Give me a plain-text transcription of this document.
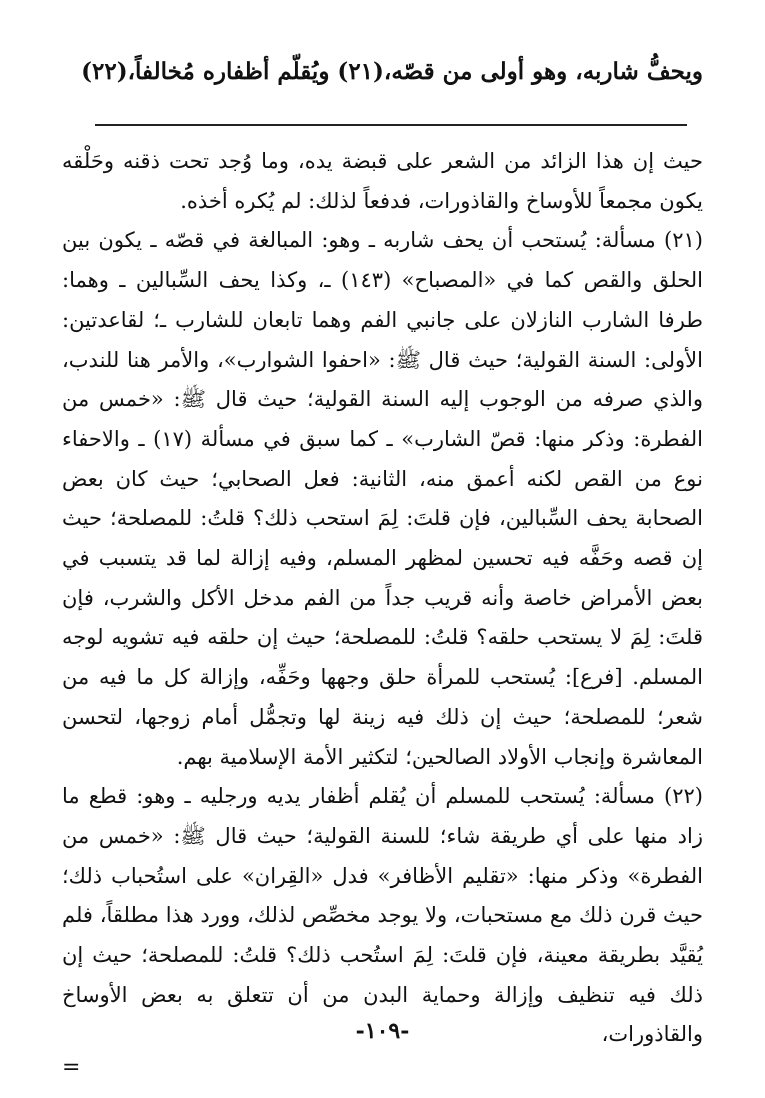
ويحفُّ شاربه، وهو أولى من قصّه،(٢١) ويُقلّم أظفاره مُخالفاً،(٢٢)

حيث إن هذا الزائد من الشعر على قبضة يده، وما وُجد تحت ذقنه وحَلْقه يكون مجمعاً للأوساخ والقاذورات، فدفعاً لذلك: لم يُكره أخذه.

(٢١) مسألة: يُستحب أن يحف شاربه ـ وهو: المبالغة في قصّه ـ يكون بين الحلق والقص كما في «المصباح» (١٤٣) ـ، وكذا يحف السِّبالين ـ وهما: طرفا الشارب النازلان على جانبي الفم وهما تابعان للشارب ـ؛ لقاعدتين: الأولى: السنة القولية؛ حيث قال ﷺ: «احفوا الشوارب»، والأمر هنا للندب، والذي صرفه من الوجوب إليه السنة القولية؛ حيث قال ﷺ: «خمس من الفطرة: وذكر منها: قصّ الشارب» ـ كما سبق في مسألة (١٧) ـ والاحفاء نوع من القص لكنه أعمق منه، الثانية: فعل الصحابي؛ حيث كان بعض الصحابة يحف السِّبالين، فإن قلتَ: لِمَ استحب ذلك؟ قلتُ: للمصلحة؛ حيث إن قصه وحَفَّه فيه تحسين لمظهر المسلم، وفيه إزالة لما قد يتسبب في بعض الأمراض خاصة وأنه قريب جداً من الفم مدخل الأكل والشرب، فإن قلتَ: لِمَ لا يستحب حلقه؟ قلتُ: للمصلحة؛ حيث إن حلقه فيه تشويه لوجه المسلم. [فرع]: يُستحب للمرأة حلق وجهها وحَفِّه، وإزالة كل ما فيه من شعر؛ للمصلحة؛ حيث إن ذلك فيه زينة لها وتجمُّل أمام زوجها، لتحسن المعاشرة وإنجاب الأولاد الصالحين؛ لتكثير الأمة الإسلامية بهم.

(٢٢) مسألة: يُستحب للمسلم أن يُقلم أظفار يديه ورجليه ـ وهو: قطع ما زاد منها على أي طريقة شاء؛ للسنة القولية؛ حيث قال ﷺ: «خمس من الفطرة» وذكر منها: «تقليم الأظافر» فدل «القِران» على استُحباب ذلك؛ حيث قرن ذلك مع مستحبات، ولا يوجد مخصِّص لذلك، وورد هذا مطلقاً، فلم يُقيَّد بطريقة معينة، فإن قلتَ: لِمَ استُحب ذلك؟ قلتُ: للمصلحة؛ حيث إن ذلك فيه تنظيف وإزالة وحماية البدن من أن تتعلق به بعض الأوساخ والقاذورات،

=
-١٠٩-
